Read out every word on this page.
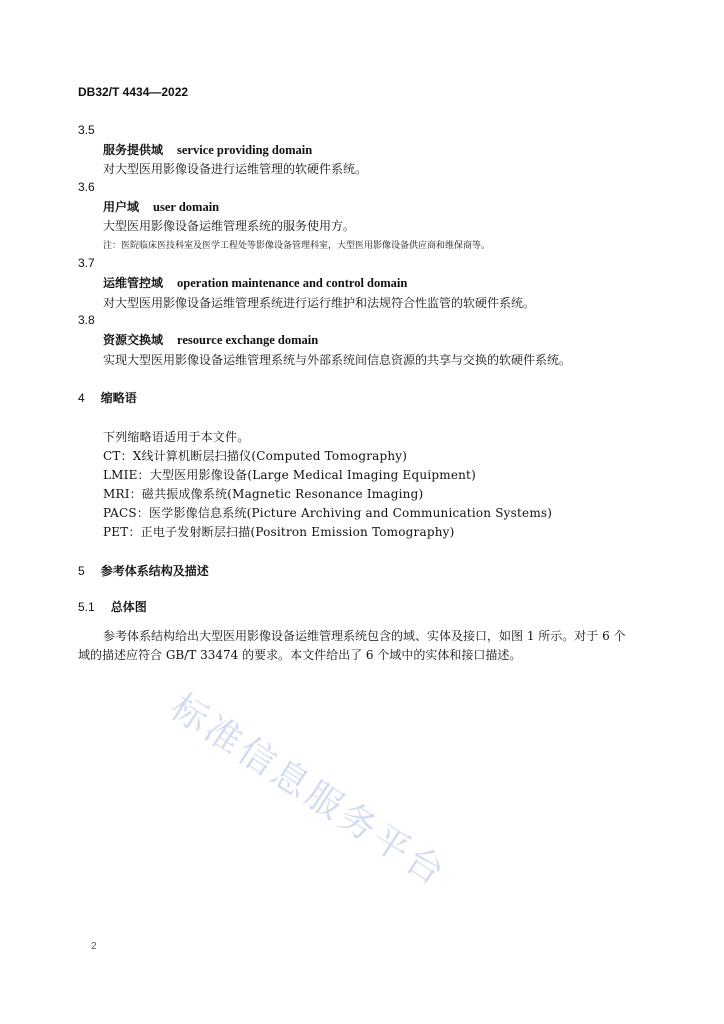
DB32/T 4434—2022
3.5
服务提供域 service providing domain
对大型医用影像设备进行运维管理的软硬件系统。
3.6
用户域 user domain
大型医用影像设备运维管理系统的服务使用方。
注：医院临床医技科室及医学工程处等影像设备管理科室，大型医用影像设备供应商和维保商等。
3.7
运维管控域 operation maintenance and control domain
对大型医用影像设备运维管理系统进行运行维护和法规符合性监管的软硬件系统。
3.8
资源交换域 resource exchange domain
实现大型医用影像设备运维管理系统与外部系统间信息资源的共享与交换的软硬件系统。
4 缩略语
下列缩略语适用于本文件。
CT：X线计算机断层扫描仪(Computed Tomography)
LMIE：大型医用影像设备(Large Medical Imaging Equipment)
MRI：磁共振成像系统(Magnetic Resonance Imaging)
PACS：医学影像信息系统(Picture Archiving and Communication Systems)
PET：正电子发射断层扫描(Positron Emission Tomography)
5 参考体系结构及描述
5.1 总体图
参考体系结构给出大型医用影像设备运维管理系统包含的域、实体及接口，如图 1 所示。对于 6 个
域的描述应符合 GB/T 33474 的要求。本文件给出了 6 个域中的实体和接口描述。
标准信息服务平台
2
